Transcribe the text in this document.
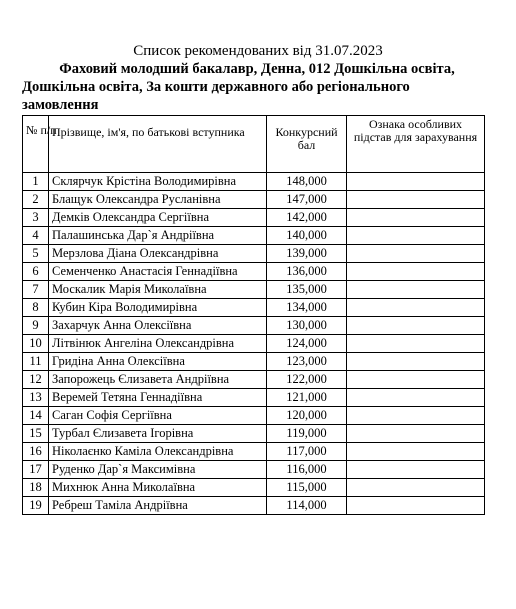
Список рекомендованих від 31.07.2023
Фаховий молодший бакалавр, Денна, 012 Дошкільна освіта,
Дошкільна освіта, За кошти державного або регіонального
замовлення
№ п/п	Прізвище, ім'я, по батькові вступника	Конкурсний бал	Ознака особливих підстав для зарахування
1	Склярчук Крістіна Володимирівна	148,000	
2	Блащук Олександра Русланівна	147,000	
3	Демків Олександра Сергіївна	142,000	
4	Палашинська Дар`я Андріївна	140,000	
5	Мерзлова Діана Олександрівна	139,000	
6	Семенченко Анастасія Геннадіївна	136,000	
7	Москалик Марія Миколаївна	135,000	
8	Кубин Кіра Володимирівна	134,000	
9	Захарчук Анна Олексіївна	130,000	
10	Літвінюк Ангеліна Олександрівна	124,000	
11	Гридіна Анна Олексіївна	123,000	
12	Запорожець Єлизавета Андріївна	122,000	
13	Веремей Тетяна Геннадіївна	121,000	
14	Саган Софія Сергіївна	120,000	
15	Турбал Єлизавета Ігорівна	119,000	
16	Ніколаєнко Каміла Олександрівна	117,000	
17	Руденко Дар`я Максимівна	116,000	
18	Михнюк Анна Миколаївна	115,000	
19	Ребреш Таміла Андріївна	114,000	
